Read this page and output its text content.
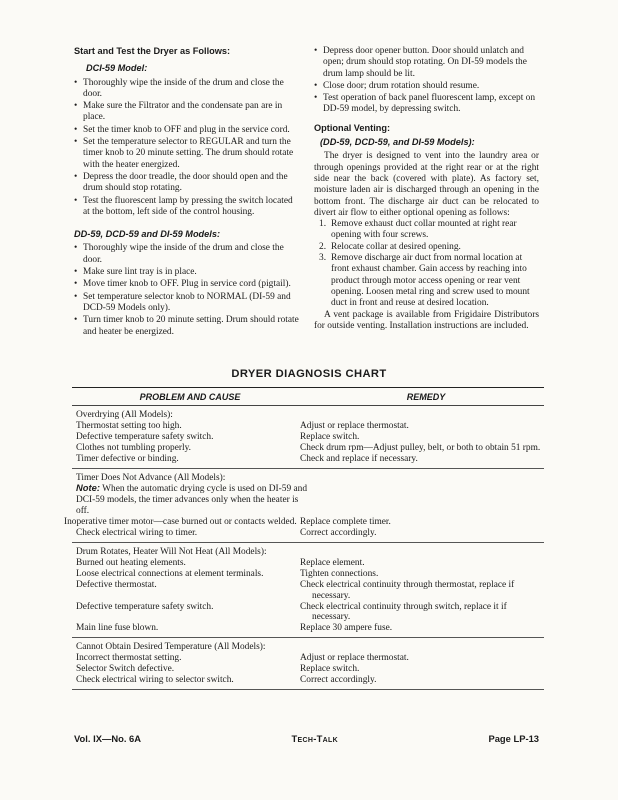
Start and Test the Dryer as Follows:
DCI-59 Model:
• Thoroughly wipe the inside of the drum and close the door.
• Make sure the Filtrator and the condensate pan are in place.
• Set the timer knob to OFF and plug in the service cord.
• Set the temperature selector to REGULAR and turn the timer knob to 20 minute setting. The drum should rotate with the heater energized.
• Depress the door treadle, the door should open and the drum should stop rotating.
• Test the fluorescent lamp by pressing the switch located at the bottom, left side of the control housing.
DD-59, DCD-59 and DI-59 Models:
• Thoroughly wipe the inside of the drum and close the door.
• Make sure lint tray is in place.
• Move timer knob to OFF. Plug in service cord (pigtail).
• Set temperature selector knob to NORMAL (DI-59 and DCD-59 Models only).
• Turn timer knob to 20 minute setting. Drum should rotate and heater be energized.
• Depress door opener button. Door should unlatch and open; drum should stop rotating. On DI-59 models the drum lamp should be lit.
• Close door; drum rotation should resume.
• Test operation of back panel fluorescent lamp, except on DD-59 model, by depressing switch.
Optional Venting:
(DD-59, DCD-59, and DI-59 Models):

The dryer is designed to vent into the laundry area or through openings provided at the right rear or at the right side near the back (covered with plate). As factory set, moisture laden air is discharged through an opening in the bottom front. The discharge air duct can be relocated to divert air flow to either optional opening as follows:

1. Remove exhaust duct collar mounted at right rear opening with four screws.
2. Relocate collar at desired opening.
3. Remove discharge air duct from normal location at front exhaust chamber. Gain access by reaching into product through motor access opening or rear vent opening. Loosen metal ring and screw used to mount duct in front and reuse at desired location.

A vent package is available from Frigidaire Distributors for outside venting. Installation instructions are included.

DRYER DIAGNOSIS CHART
PROBLEM AND CAUSE	REMEDY
Overdrying (All Models):
Thermostat setting too high.	Adjust or replace thermostat.
Defective temperature safety switch.	Replace switch.
Clothes not tumbling properly.	Check drum rpm—Adjust pulley, belt, or both to obtain 51 rpm.
Timer defective or binding.	Check and replace if necessary.
Timer Does Not Advance (All Models):
Note: When the automatic drying cycle is used on DI-59 and DCI-59 models, the timer advances only when the heater is off.
Inoperative timer motor—case burned out or contacts welded. Replace complete timer.
Check electrical wiring to timer.	Correct accordingly.
Drum Rotates, Heater Will Not Heat (All Models):
Burned out heating elements.	Replace element.
Loose electrical connections at element terminals.	Tighten connections.
Defective thermostat.	Check electrical continuity through thermostat, replace if necessary.
Defective temperature safety switch.	Check electrical continuity through switch, replace it if necessary.
Main line fuse blown.	Replace 30 ampere fuse.
Cannot Obtain Desired Temperature (All Models):
Incorrect thermostat setting.	Adjust or replace thermostat.
Selector Switch defective.	Replace switch.
Check electrical wiring to selector switch.	Correct accordingly.
Vol. IX—No. 6A	Tech-Talk	Page LP-13
